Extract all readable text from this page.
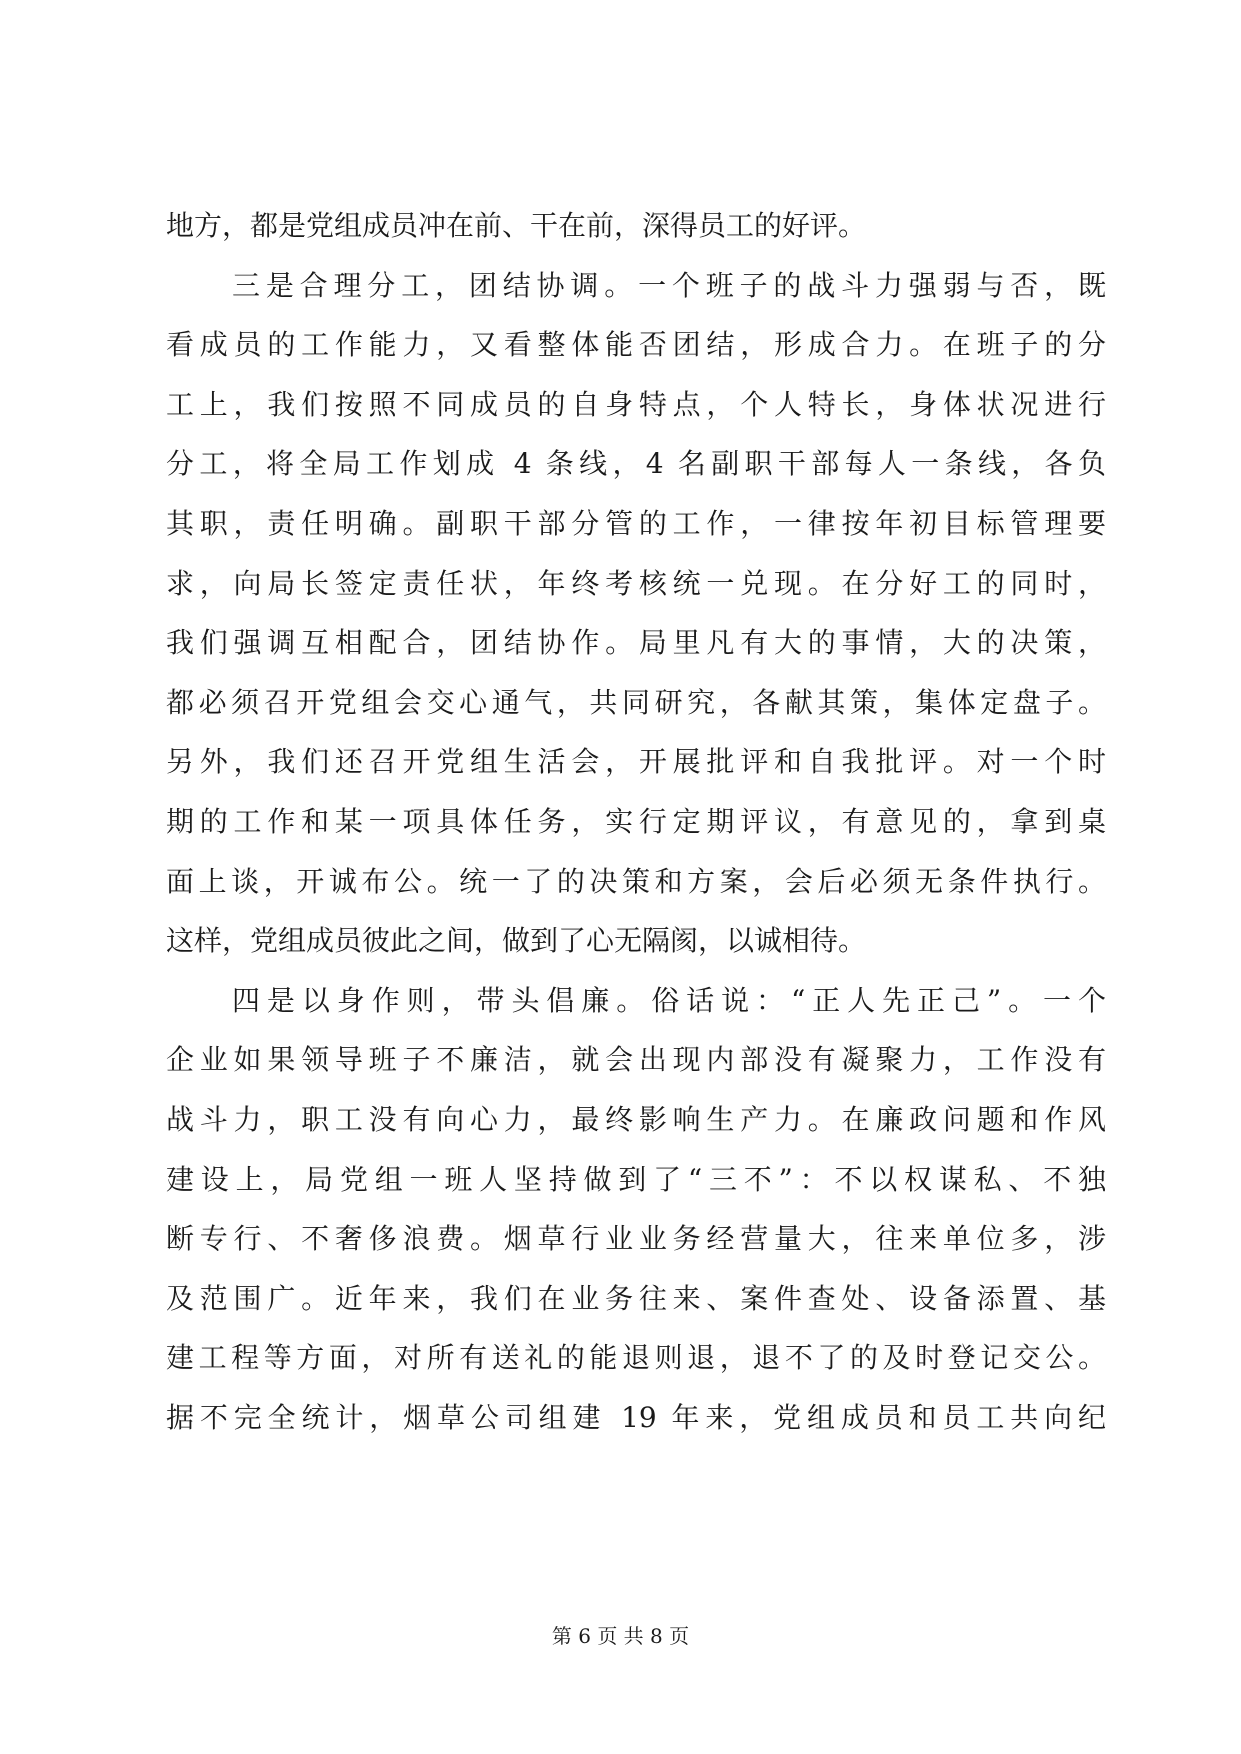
地方，都是党组成员冲在前、干在前，深得员工的好评。
三是合理分工，团结协调。一个班子的战斗力强弱与否，既
看成员的工作能力，又看整体能否团结，形成合力。在班子的分
工上，我们按照不同成员的自身特点，个人特长，身体状况进行
分工，将全局工作划成 4 条线，4 名副职干部每人一条线，各负
其职，责任明确。副职干部分管的工作，一律按年初目标管理要
求，向局长签定责任状，年终考核统一兑现。在分好工的同时，
我们强调互相配合，团结协作。局里凡有大的事情，大的决策，
都必须召开党组会交心通气，共同研究，各献其策，集体定盘子。
另外，我们还召开党组生活会，开展批评和自我批评。对一个时
期的工作和某一项具体任务，实行定期评议，有意见的，拿到桌
面上谈，开诚布公。统一了的决策和方案，会后必须无条件执行。
这样，党组成员彼此之间，做到了心无隔阂，以诚相待。
四是以身作则，带头倡廉。俗话说：“正人先正己”。一个
企业如果领导班子不廉洁，就会出现内部没有凝聚力，工作没有
战斗力，职工没有向心力，最终影响生产力。在廉政问题和作风
建设上，局党组一班人坚持做到了“三不”：不以权谋私、不独
断专行、不奢侈浪费。烟草行业业务经营量大，往来单位多，涉
及范围广。近年来，我们在业务往来、案件查处、设备添置、基
建工程等方面，对所有送礼的能退则退，退不了的及时登记交公。
据不完全统计，烟草公司组建 19 年来，党组成员和员工共向纪
第 6 页 共 8 页
